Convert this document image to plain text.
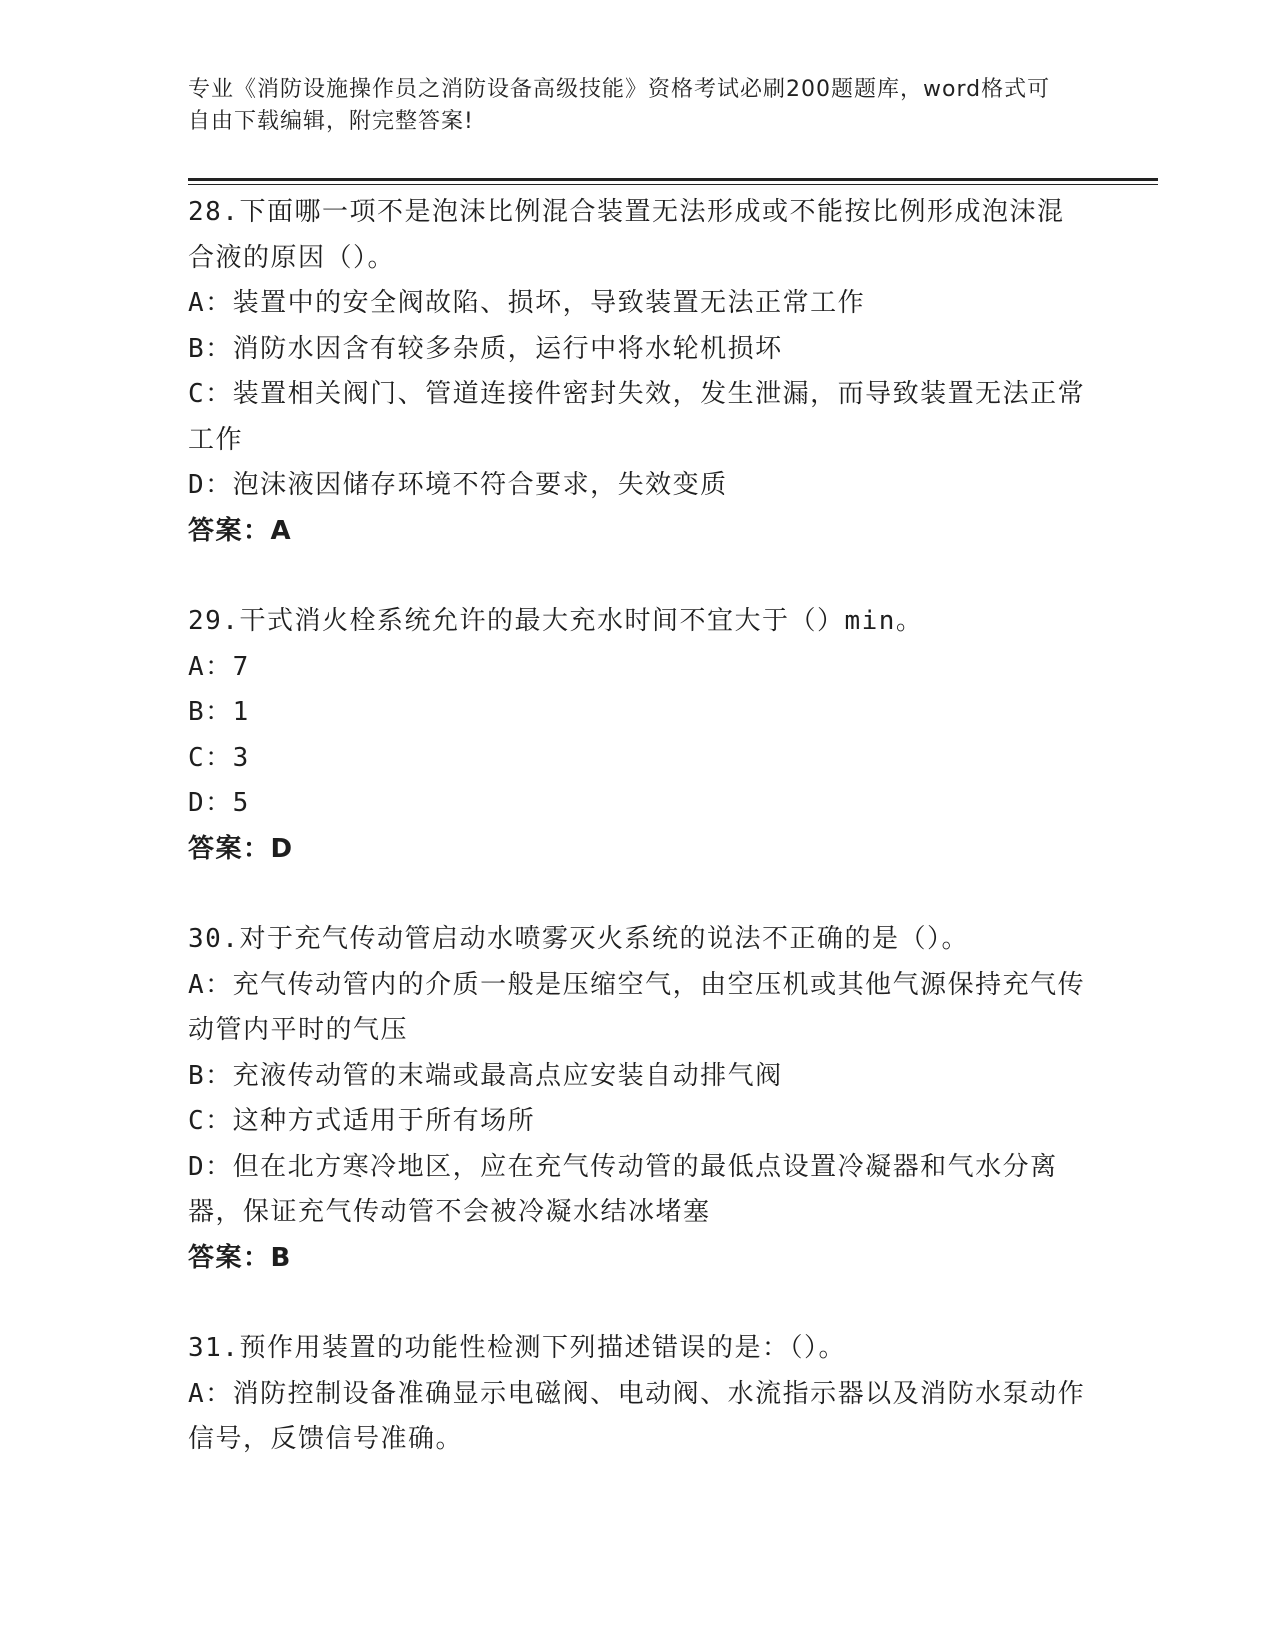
专业《消防设施操作员之消防设备高级技能》资格考试必刷200题题库，word格式可自由下载编辑，附完整答案!

28.下面哪一项不是泡沫比例混合装置无法形成或不能按比例形成泡沫混合液的原因（）。

A：装置中的安全阀故陷、损坏，导致装置无法正常工作

B：消防水因含有较多杂质，运行中将水轮机损坏

C：装置相关阀门、管道连接件密封失效，发生泄漏，而导致装置无法正常工作

D：泡沫液因储存环境不符合要求，失效变质

答案：A

29.干式消火栓系统允许的最大充水时间不宜大于（）min。

A：7

B：1

C：3

D：5

答案：D

30.对于充气传动管启动水喷雾灭火系统的说法不正确的是（）。

A：充气传动管内的介质一般是压缩空气，由空压机或其他气源保持充气传动管内平时的气压

B：充液传动管的末端或最高点应安装自动排气阀

C：这种方式适用于所有场所

D：但在北方寒冷地区，应在充气传动管的最低点设置冷凝器和气水分离器，保证充气传动管不会被冷凝水结冰堵塞

答案：B

31.预作用装置的功能性检测下列描述错误的是：（）。

A：消防控制设备准确显示电磁阀、电动阀、水流指示器以及消防水泵动作信号，反馈信号准确。
